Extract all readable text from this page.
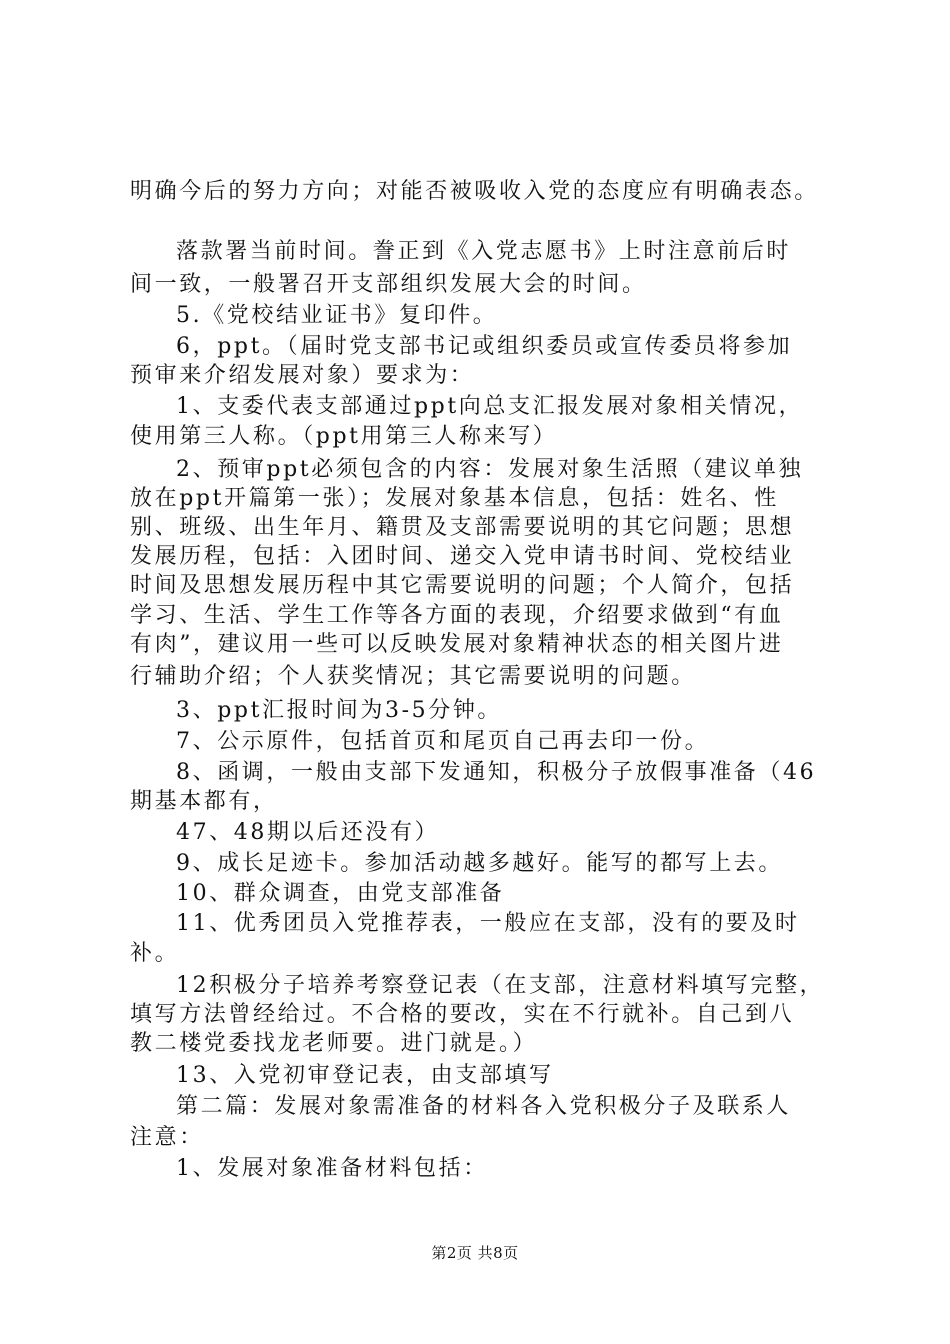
明确今后的努力方向；对能否被吸收入党的态度应有明确表态。
落款署当前时间。誊正到《入党志愿书》上时注意前后时
间一致，一般署召开支部组织发展大会的时间。
5.《党校结业证书》复印件。
6，ppt。（届时党支部书记或组织委员或宣传委员将参加
预审来介绍发展对象）要求为：
1、支委代表支部通过ppt向总支汇报发展对象相关情况，
使用第三人称。（ppt用第三人称来写）
2、预审ppt必须包含的内容：发展对象生活照（建议单独
放在ppt开篇第一张）；发展对象基本信息，包括：姓名、性
别、班级、出生年月、籍贯及支部需要说明的其它问题；思想
发展历程，包括：入团时间、递交入党申请书时间、党校结业
时间及思想发展历程中其它需要说明的问题；个人简介，包括
学习、生活、学生工作等各方面的表现，介绍要求做到“有血
有肉”，建议用一些可以反映发展对象精神状态的相关图片进
行辅助介绍；个人获奖情况；其它需要说明的问题。
3、ppt汇报时间为3-5分钟。
7、公示原件，包括首页和尾页自己再去印一份。
8、函调，一般由支部下发通知，积极分子放假事准备（46
期基本都有，
47、48期以后还没有）
9、成长足迹卡。参加活动越多越好。能写的都写上去。
10、群众调查，由党支部准备
11、优秀团员入党推荐表，一般应在支部，没有的要及时
补。
12积极分子培养考察登记表（在支部，注意材料填写完整，
填写方法曾经给过。不合格的要改，实在不行就补。自己到八
教二楼党委找龙老师要。进门就是。）
13、入党初审登记表，由支部填写
第二篇：发展对象需准备的材料各入党积极分子及联系人
注意：
1、发展对象准备材料包括：
第2页 共8页
